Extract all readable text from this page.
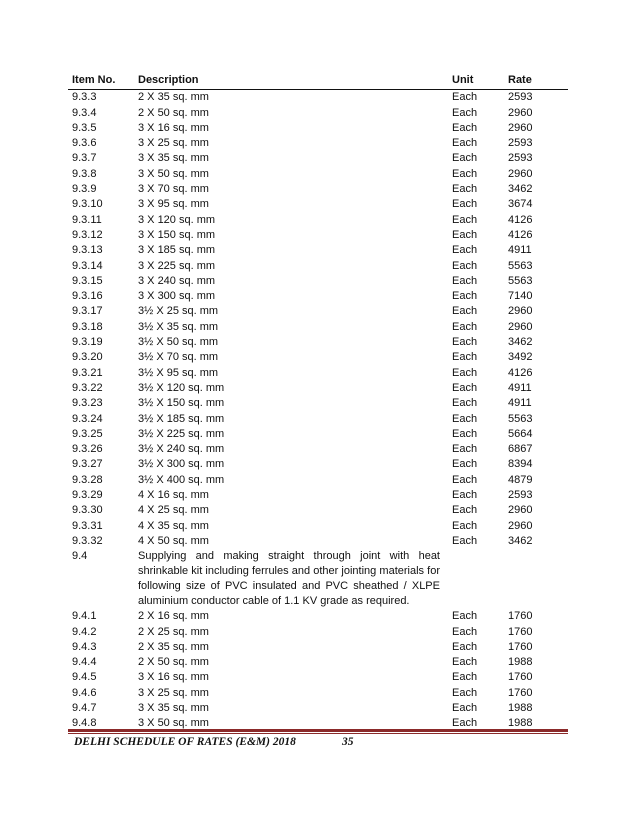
Item No.	Description	Unit	Rate
9.3.3	2 X 35 sq. mm	Each	2593
9.3.4	2 X 50 sq. mm	Each	2960
9.3.5	3 X 16 sq. mm	Each	2960
9.3.6	3 X 25 sq. mm	Each	2593
9.3.7	3 X 35 sq. mm	Each	2593
9.3.8	3 X 50 sq. mm	Each	2960
9.3.9	3 X 70 sq. mm	Each	3462
9.3.10	3 X 95 sq. mm	Each	3674
9.3.11	3 X 120 sq. mm	Each	4126
9.3.12	3 X 150 sq. mm	Each	4126
9.3.13	3 X 185 sq. mm	Each	4911
9.3.14	3 X 225 sq. mm	Each	5563
9.3.15	3 X 240 sq. mm	Each	5563
9.3.16	3 X 300 sq. mm	Each	7140
9.3.17	3½ X 25 sq. mm	Each	2960
9.3.18	3½ X 35 sq. mm	Each	2960
9.3.19	3½ X 50 sq. mm	Each	3462
9.3.20	3½ X 70 sq. mm	Each	3492
9.3.21	3½ X 95 sq. mm	Each	4126
9.3.22	3½ X 120 sq. mm	Each	4911
9.3.23	3½ X 150 sq. mm	Each	4911
9.3.24	3½ X 185 sq. mm	Each	5563
9.3.25	3½ X 225 sq. mm	Each	5664
9.3.26	3½ X 240 sq. mm	Each	6867
9.3.27	3½ X 300 sq. mm	Each	8394
9.3.28	3½ X 400 sq. mm	Each	4879
9.3.29	4 X 16 sq. mm	Each	2593
9.3.30	4 X 25 sq. mm	Each	2960
9.3.31	4 X 35 sq. mm	Each	2960
9.3.32	4 X 50 sq. mm	Each	3462
9.4	Supplying and making straight through joint with heat shrinkable kit including ferrules and other jointing materials for following size of PVC insulated and PVC sheathed / XLPE aluminium conductor cable of 1.1 KV grade as required.		
9.4.1	2 X 16 sq. mm	Each	1760
9.4.2	2 X 25 sq. mm	Each	1760
9.4.3	2 X 35 sq. mm	Each	1760
9.4.4	2 X 50 sq. mm	Each	1988
9.4.5	3 X 16 sq. mm	Each	1760
9.4.6	3 X 25 sq. mm	Each	1760
9.4.7	3 X 35 sq. mm	Each	1988
9.4.8	3 X 50 sq. mm	Each	1988
DELHI SCHEDULE OF RATES (E&M) 2018	35
